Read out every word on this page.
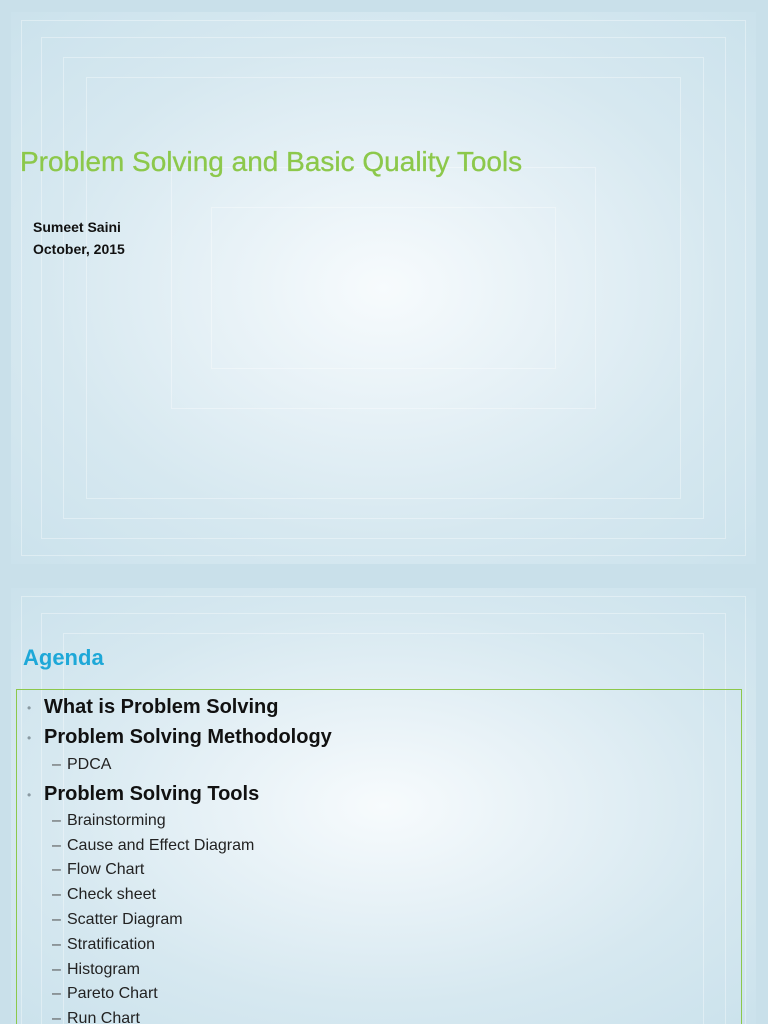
Problem Solving and Basic Quality Tools
Sumeet Saini
October, 2015
Agenda
• What is Problem Solving
• Problem Solving Methodology
– PDCA
• Problem Solving Tools
– Brainstorming
– Cause and Effect Diagram
– Flow Chart
– Check sheet
– Scatter Diagram
– Stratification
– Histogram
– Pareto Chart
– Run Chart
